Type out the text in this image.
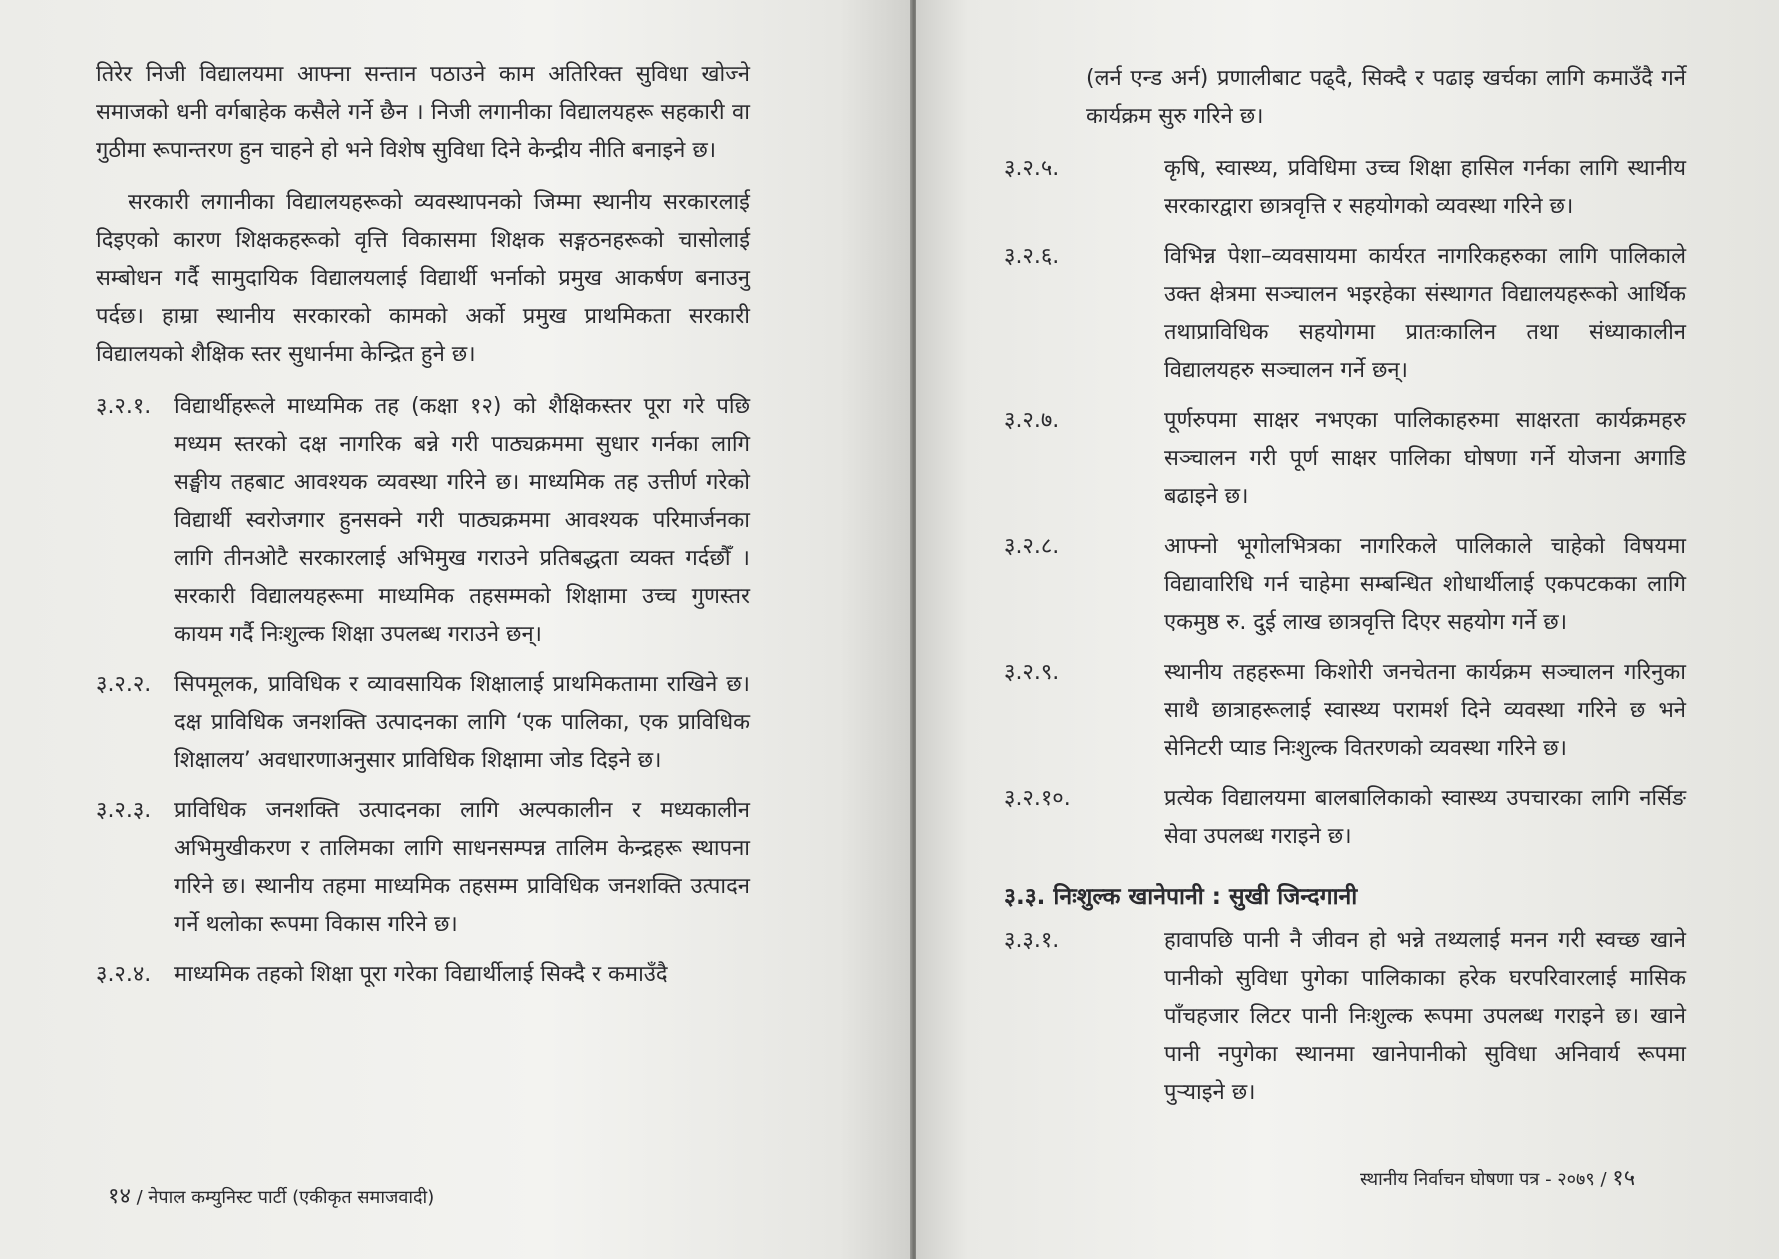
तिरेर निजी विद्यालयमा आफ्ना सन्तान पठाउने काम अतिरिक्त सुविधा खोज्ने समाजको धनी वर्गबाहेक कसैले गर्ने छैन । निजी लगानीका विद्यालयहरू सहकारी वा गुठीमा रूपान्तरण हुन चाहने हो भने विशेष सुविधा दिने केन्द्रीय नीति बनाइने छ।

सरकारी लगानीका विद्यालयहरूको व्यवस्थापनको जिम्मा स्थानीय सरकारलाई दिइएको कारण शिक्षकहरूको वृत्ति विकासमा शिक्षक सङ्गठनहरूको चासोलाई सम्बोधन गर्दै सामुदायिक विद्यालयलाई विद्यार्थी भर्नाको प्रमुख आकर्षण बनाउनु पर्दछ। हाम्रा स्थानीय सरकारको कामको अर्को प्रमुख प्राथमिकता सरकारी विद्यालयको शैक्षिक स्तर सुधार्नमा केन्द्रित हुने छ।

३.२.१. विद्यार्थीहरूले माध्यमिक तह (कक्षा १२) को शैक्षिकस्तर पूरा गरे पछि मध्यम स्तरको दक्ष नागरिक बन्ने गरी पाठ्यक्रममा सुधार गर्नका लागि सङ्घीय तहबाट आवश्यक व्यवस्था गरिने छ। माध्यमिक तह उत्तीर्ण गरेको विद्यार्थी स्वरोजगार हुनसक्ने गरी पाठ्यक्रममा आवश्यक परिमार्जनका लागि तीनओटै सरकारलाई अभिमुख गराउने प्रतिबद्धता व्यक्त गर्दछौँ । सरकारी विद्यालयहरूमा माध्यमिक तहसम्मको शिक्षामा उच्च गुणस्तर कायम गर्दै निःशुल्क शिक्षा उपलब्ध गराउने छन्।
३.२.२. सिपमूलक, प्राविधिक र व्यावसायिक शिक्षालाई प्राथमिकतामा राखिने छ। दक्ष प्राविधिक जनशक्ति उत्पादनका लागि ‘एक पालिका, एक प्राविधिक शिक्षालय’ अवधारणाअनुसार प्राविधिक शिक्षामा जोड दिइने छ।
३.२.३. प्राविधिक जनशक्ति उत्पादनका लागि अल्पकालीन र मध्यकालीन अभिमुखीकरण र तालिमका लागि साधनसम्पन्न तालिम केन्द्रहरू स्थापना गरिने छ। स्थानीय तहमा माध्यमिक तहसम्म प्राविधिक जनशक्ति उत्पादन गर्ने थलोका रूपमा विकास गरिने छ।
३.२.४. माध्यमिक तहको शिक्षा पूरा गरेका विद्यार्थीलाई सिक्दै र कमाउँदै
१४ / नेपाल कम्युनिस्ट पार्टी (एकीकृत समाजवादी)

(लर्न एन्ड अर्न) प्रणालीबाट पढ्दै, सिक्दै र पढाइ खर्चका लागि कमाउँदै गर्ने कार्यक्रम सुरु गरिने छ।

३.२.५.	कृषि, स्वास्थ्य, प्रविधिमा उच्च शिक्षा हासिल गर्नका लागि स्थानीय सरकारद्वारा छात्रवृत्ति र सहयोगको व्यवस्था गरिने छ।
३.२.६.	विभिन्न पेशा–व्यवसायमा कार्यरत नागरिकहरुका लागि पालिकाले उक्त क्षेत्रमा सञ्चालन भइरहेका संस्थागत विद्यालयहरूको आर्थिक तथाप्राविधिक सहयोगमा प्रातःकालिन तथा संध्याकालीन विद्यालयहरु सञ्चालन गर्ने छन्।
३.२.७.	पूर्णरुपमा साक्षर नभएका पालिकाहरुमा साक्षरता कार्यक्रमहरु सञ्चालन गरी पूर्ण साक्षर पालिका घोषणा गर्ने योजना अगाडि बढाइने छ।
३.२.८.	आफ्नो भूगोलभित्रका नागरिकले पालिकाले चाहेको विषयमा विद्यावारिधि गर्न चाहेमा सम्बन्धित शोधार्थीलाई एकपटकका लागि एकमुष्ठ रु. दुई लाख छात्रवृत्ति दिएर सहयोग गर्ने छ।
३.२.९.	स्थानीय तहहरूमा किशोरी जनचेतना कार्यक्रम सञ्चालन गरिनुका साथै छात्राहरूलाई स्वास्थ्य परामर्श दिने व्यवस्था गरिने छ भने सेनिटरी प्याड निःशुल्क वितरणको व्यवस्था गरिने छ।
३.२.१०.	प्रत्येक विद्यालयमा बालबालिकाको स्वास्थ्य उपचारका लागि नर्सिङ सेवा उपलब्ध गराइने छ।
३.३. निःशुल्क खानेपानी : सुखी जिन्दगानी
३.३.१.	हावापछि पानी नै जीवन हो भन्ने तथ्यलाई मनन गरी स्वच्छ खाने पानीको सुविधा पुगेका पालिकाका हरेक घरपरिवारलाई मासिक पाँचहजार लिटर पानी निःशुल्क रूपमा उपलब्ध गराइने छ। खाने पानी नपुगेका स्थानमा खानेपानीको सुविधा अनिवार्य रूपमा पुऱ्याइने छ।
स्थानीय निर्वाचन घोषणा पत्र - २०७९ / १५
